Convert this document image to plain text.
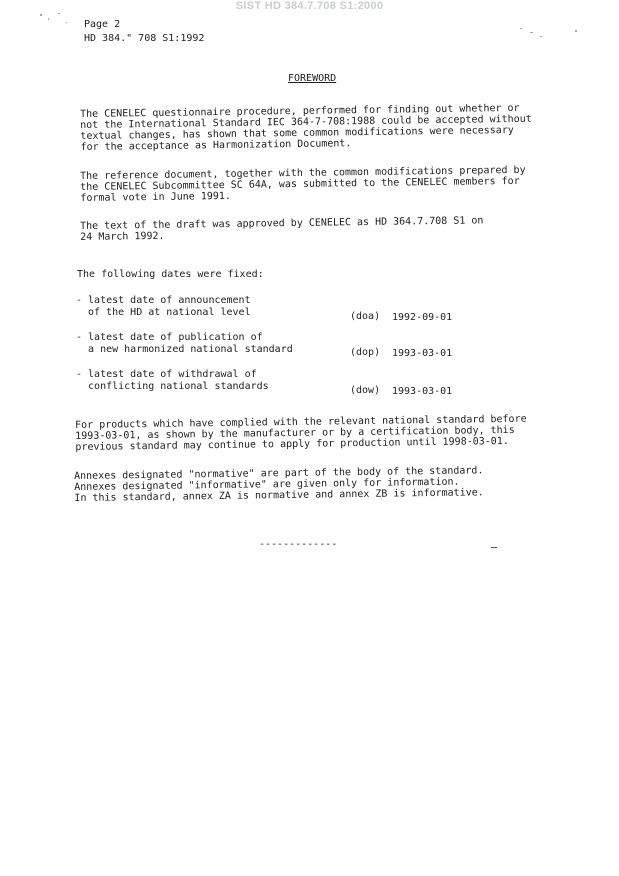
SIST HD 384.7.708 S1:2000
Page 2
HD 384." 708 S1:1992
FOREWORD
The CENELEC questionnaire procedure, performed for finding out whether or
not the International Standard IEC 364-7-708:1988 could be accepted without
textual changes, has shown that some common modifications were necessary
for the acceptance as Harmonization Document.
The reference document, together with the common modifications prepared by
the CENELEC Subcommittee SC 64A, was submitted to the CENELEC members for
formal vote in June 1991.
The text of the draft was approved by CENELEC as HD 364.7.708 S1 on
24 March 1992.
The following dates were fixed:
- latest date of announcement
of the HD at national level	(doa) 1992-09-01
- latest date of publication of
a new harmonized national standard	(dop) 1993-03-01
- latest date of withdrawal of
conflicting national standards	(dow) 1993-03-01
For products which have complied with the relevant national standard before
1993-03-01, as shown by the manufacturer or by a certification body, this
previous standard may continue to apply for production until 1998-03-01.
Annexes designated "normative" are part of the body of the standard.
Annexes designated "informative" are given only for information.
In this standard, annex ZA is normative and annex ZB is informative.
-------------
